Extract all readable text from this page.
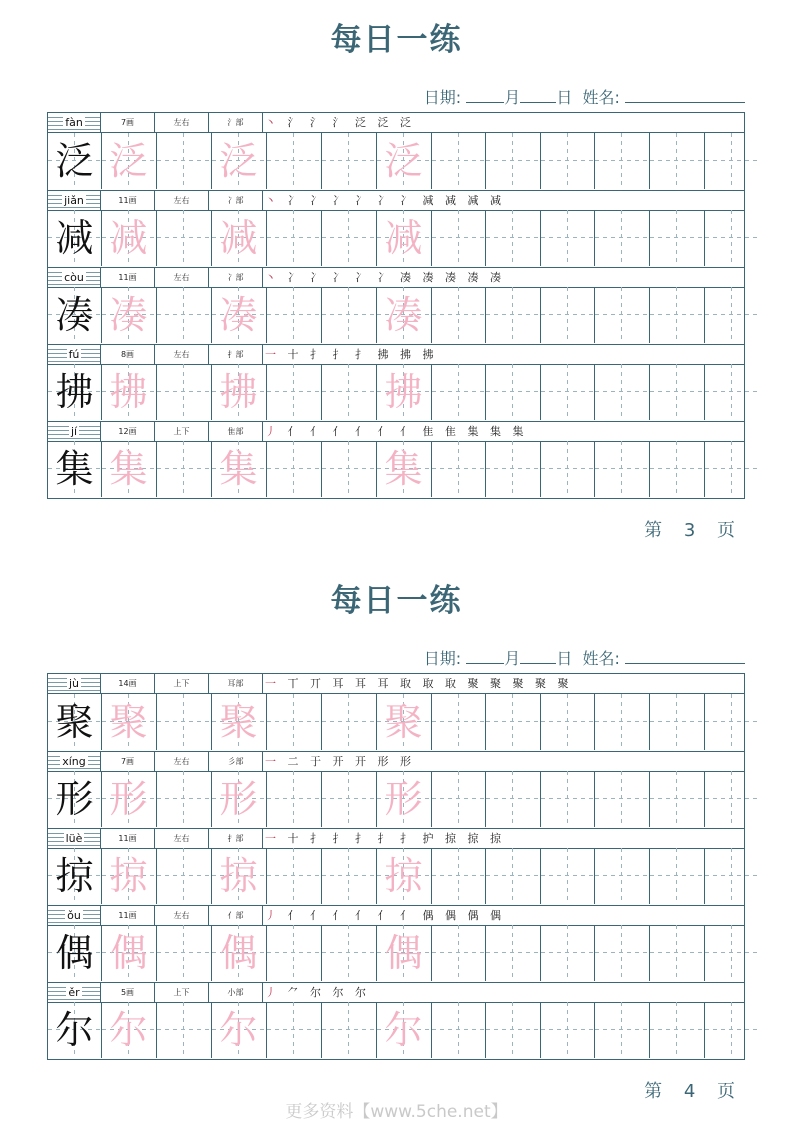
每日一练
日期:	月 日 姓名:
fàn	7画	左右	氵部	丶 氵 氵 氵 泛 泛 泛
泛 泛 泛	泛
jiǎn	11画	左右	冫部	丶 冫 冫 冫 冫 冫 冫 减 减 减 减
减 减 减	减
còu	11画	左右	冫部	丶 冫 冫 冫 冫 冫 凑 凑 凑 凑 凑
凑 凑 凑	凑
fú	8画	左右	扌部	一 十 扌 扌 扌 拂 拂 拂
拂 拂 拂	拂
jí	12画	上下	隹部	丿 亻 亻 亻 亻 亻 亻 隹 隹 集 集 集
集 集 集	集
第 3 页
每日一练
日期:	月 日 姓名:
jù	14画	上下	耳部	一 丅 丌 耳 耳 耳 取 取 取 聚 聚 聚 聚 聚
聚 聚 聚	聚
xíng	7画	左右	彡部	一 二 于 开 开 形 形
形 形 形	形
lüè	11画	左右	扌部	一 十 扌 扌 扌 扌 扌 护 掠 掠 掠
掠 掠 掠	掠
ǒu	11画	左右	亻部	丿 亻 亻 亻 亻 亻 亻 偶 偶 偶 偶
偶 偶 偶	偶
ěr	5画	上下	小部	丿 ⺈ 尔 尔 尔
尔 尔 尔	尔
第 4 页
更多资料【www.5che.net】
